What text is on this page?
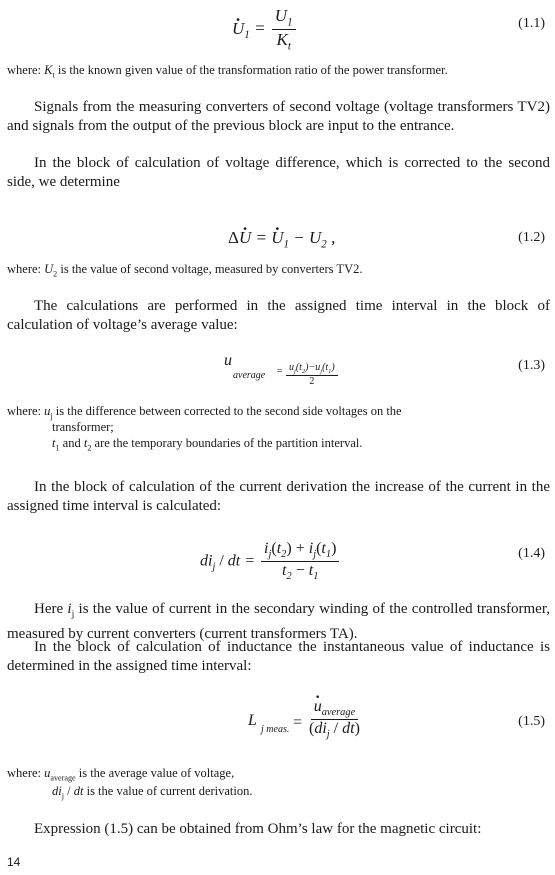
· $U_1 = \frac{U_1}{K_t}$	(1.1)
where: $K_t$ is the known given value of the transformation ratio of the power transformer.
Signals from the measuring converters of second voltage (voltage transformers TV2) and signals from the output of the previous block are input to the entrance.
In the block of calculation of voltage difference, which is corrected to the second side, we determine
Δ· U = · $U_1 - U_2$ ,	(1.2)
where: $U_2$ is the value of second voltage, measured by converters TV2.
The calculations are performed in the assigned time interval in the block of calculation of voltage’s average value:
u
average = $\frac{u_j(t_2)-u_j(t_1)}{2}$	(1.3)
where: $u_j$ is the difference between corrected to the second side voltages on the
transformer;
$t_1$ and $t_2$ are the temporary boundaries of the partition interval.
In the block of calculation of the current derivation the increase of the current in the assigned time interval is calculated:
$di_j$ / dt = $\frac{i_j(t_2) + i_j(t_1)}{t_2 - t_1}$	(1.4)
Here $i_j$ is the value of current in the secondary winding of the controlled transformer, measured by current converters (current transformers TA).
In the block of calculation of inductance the instantaneous value of inductance is determined in the assigned time interval:
L
j meas. =
· $\frac{u_{average}}{(di_j / dt)}$	(1.5)
where: $u_{average}$ is the average value of voltage,
$di_j$ / dt is the value of current derivation.
Expression (1.5) can be obtained from Ohm’s law for the magnetic circuit:
14
